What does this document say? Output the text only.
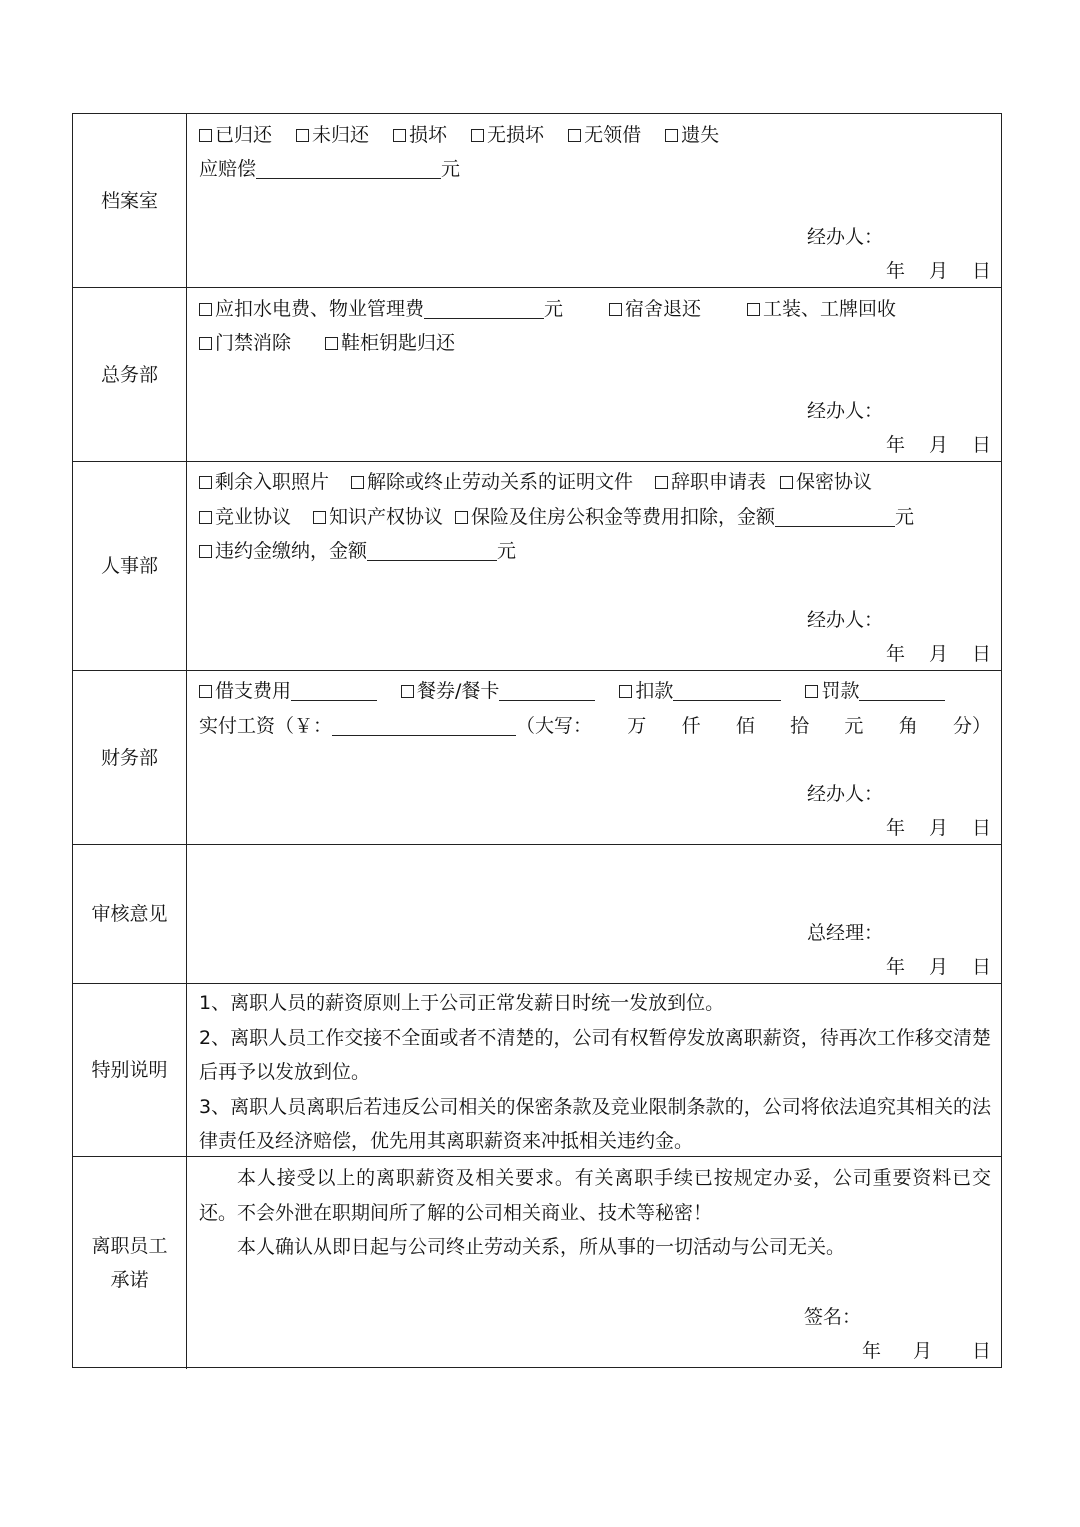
档案室
已归还 未归还 损坏 无损坏 无领借 遗失
应赔偿	元
经办人：
年 月 日
总务部
应扣水电费、物业管理费	元	宿舍退还	工装、工牌回收
门禁消除	鞋柜钥匙归还
经办人：
年 月 日
人事部
剩余入职照片 解除或终止劳动关系的证明文件 辞职申请表 保密协议
竞业协议 知识产权协议 保险及住房公积金等费用扣除，金额	元
违约金缴纳，金额	元
经办人：
年 月 日
财务部
借支费用	餐券/餐卡	扣款	罚款
实付工资（￥：	（大写： 万 仟 佰 拾 元 角 分）
经办人：
年 月 日
审核意见
总经理：
年 月 日
特别说明
1、离职人员的薪资原则上于公司正常发薪日时统一发放到位。
2、离职人员工作交接不全面或者不清楚的，公司有权暂停发放离职薪资，待再次工作移交清楚后再予以发放到位。
3、离职人员离职后若违反公司相关的保密条款及竞业限制条款的，公司将依法追究其相关的法律责任及经济赔偿，优先用其离职薪资来冲抵相关违约金。
离职员工
承诺
本人接受以上的离职薪资及相关要求。有关离职手续已按规定办妥，公司重要资料已交还。不会外泄在职期间所了解的公司相关商业、技术等秘密！
本人确认从即日起与公司终止劳动关系，所从事的一切活动与公司无关。
签名：
年 月 日
